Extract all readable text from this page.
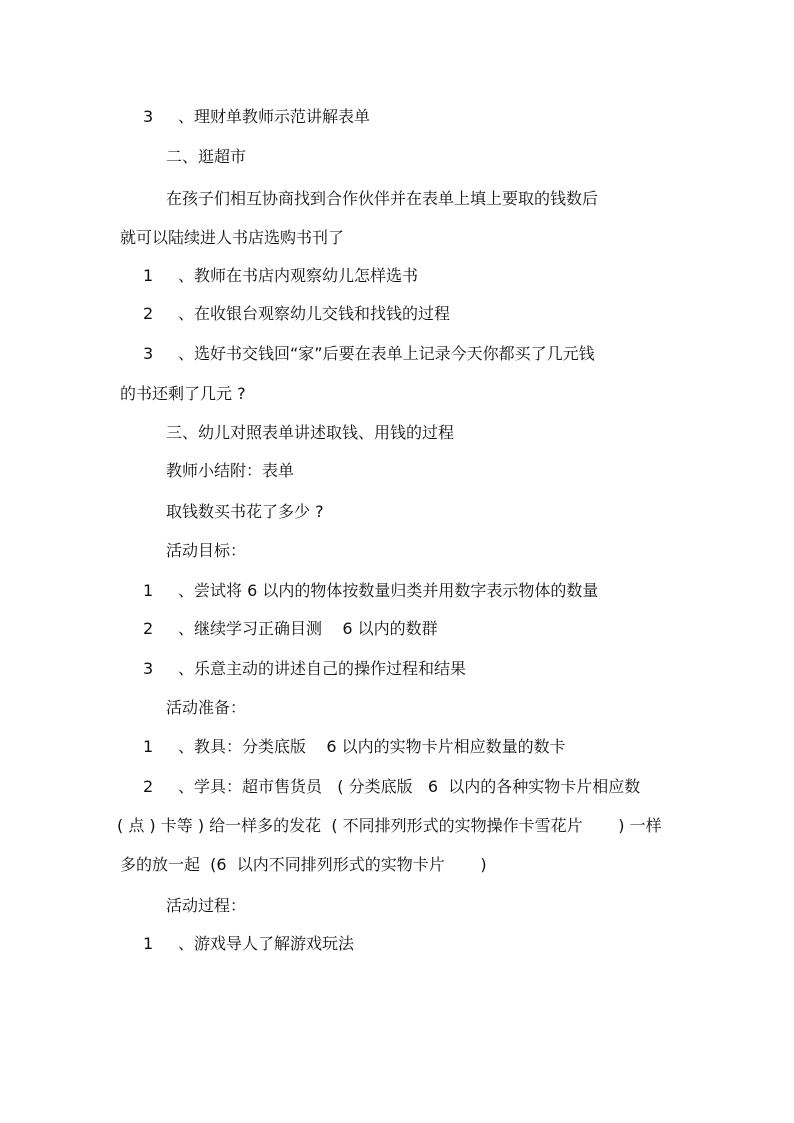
3 、理财单教师示范讲解表单
二、逛超市
在孩子们相互协商找到合作伙伴并在表单上填上要取的钱数后
就可以陆续进人书店选购书刊了
1 、教师在书店内观察幼儿怎样选书
2 、在收银台观察幼儿交钱和找钱的过程
3 、选好书交钱回“家”后要在表单上记录今天你都买了几元钱
的书还剩了几元 ?
三、幼儿对照表单讲述取钱、用钱的过程
教师小结附：表单
取钱数买书花了多少 ?
活动目标：
1 、尝试将 6 以内的物体按数量归类并用数字表示物体的数量
2 、继续学习正确目测    6 以内的数群
3 、乐意主动的讲述自己的操作过程和结果
活动准备：
1 、教具：分类底版    6 以内的实物卡片相应数量的数卡
2 、学具：超市售货员   ( 分类底版   6  以内的各种实物卡片相应数
( 点 ) 卡等 ) 给一样多的发花  ( 不同排列形式的实物操作卡雪花片       ) 一样
多的放一起  (6  以内不同排列形式的实物卡片       )
活动过程：
1 、游戏导人了解游戏玩法
